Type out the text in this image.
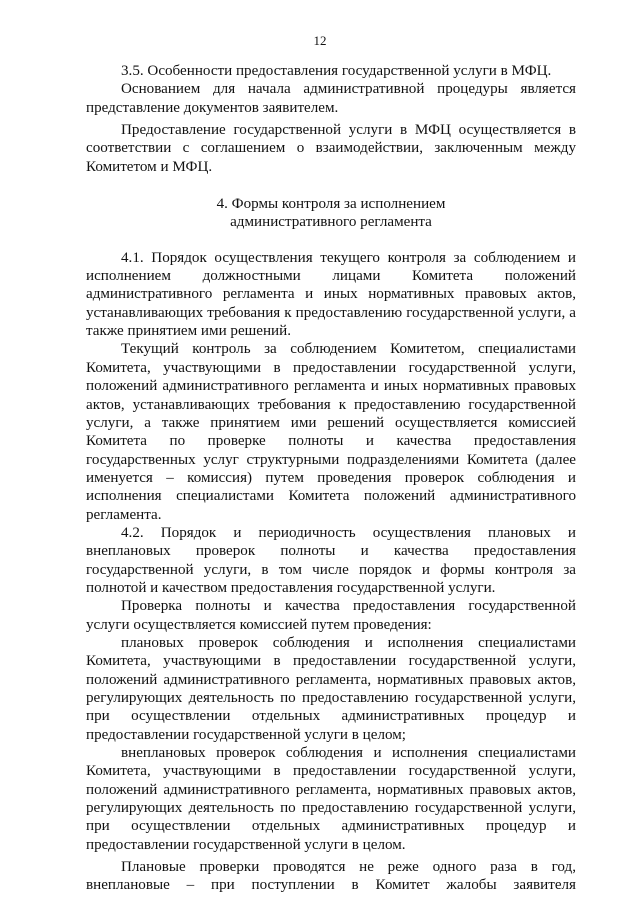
12

3.5. Особенности предоставления государственной услуги в МФЦ.

Основанием для начала административной процедуры является представление документов заявителем.

Предоставление государственной услуги в МФЦ осуществляется в соответствии с соглашением о взаимодействии, заключенным между Комитетом и МФЦ.

4. Формы контроля за исполнением
административного регламента

4.1. Порядок осуществления текущего контроля за соблюдением и исполнением должностными лицами Комитета положений административного регламента и иных нормативных правовых актов, устанавливающих требования к предоставлению государственной услуги, а также принятием ими решений.

Текущий контроль за соблюдением Комитетом, специалистами Комитета, участвующими в предоставлении государственной услуги, положений административного регламента и иных нормативных правовых актов, устанавливающих требования к предоставлению государственной услуги, а также принятием ими решений осуществляется комиссией Комитета по проверке полноты и качества предоставления государственных услуг структурными подразделениями Комитета (далее именуется – комиссия) путем проведения проверок соблюдения и исполнения специалистами Комитета положений административного регламента.

4.2. Порядок и периодичность осуществления плановых и внеплановых проверок полноты и качества предоставления государственной услуги, в том числе порядок и формы контроля за полнотой и качеством предоставления государственной услуги.

Проверка полноты и качества предоставления государственной услуги осуществляется комиссией путем проведения:

плановых проверок соблюдения и исполнения специалистами Комитета, участвующими в предоставлении государственной услуги, положений административного регламента, нормативных правовых актов, регулирующих деятельность по предоставлению государственной услуги, при осуществлении отдельных административных процедур и предоставлении государственной услуги в целом;

внеплановых проверок соблюдения и исполнения специалистами Комитета, участвующими в предоставлении государственной услуги, положений административного регламента, нормативных правовых актов, регулирующих деятельность по предоставлению государственной услуги, при осуществлении отдельных административных процедур и предоставлении государственной услуги в целом.

Плановые проверки проводятся не реже одного раза в год, внеплановые – при поступлении в Комитет жалобы заявителя
